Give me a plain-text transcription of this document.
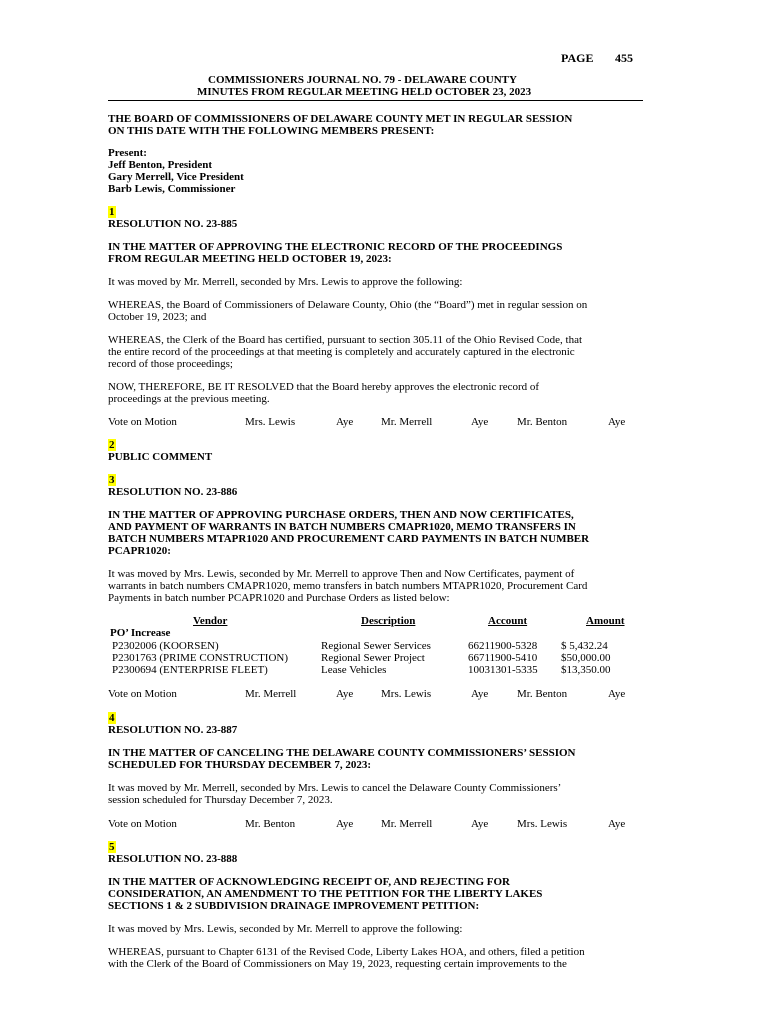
PAGE 455
COMMISSIONERS JOURNAL NO. 79 - DELAWARE COUNTY
MINUTES FROM REGULAR MEETING HELD OCTOBER 23, 2023
THE BOARD OF COMMISSIONERS OF DELAWARE COUNTY MET IN REGULAR SESSION
ON THIS DATE WITH THE FOLLOWING MEMBERS PRESENT:
Present:
Jeff Benton, President
Gary Merrell, Vice President
Barb Lewis, Commissioner
1
RESOLUTION NO. 23-885
IN THE MATTER OF APPROVING THE ELECTRONIC RECORD OF THE PROCEEDINGS
FROM REGULAR MEETING HELD OCTOBER 19, 2023:
It was moved by Mr. Merrell, seconded by Mrs. Lewis to approve the following:
WHEREAS, the Board of Commissioners of Delaware County, Ohio (the “Board”) met in regular session on
October 19, 2023; and
WHEREAS, the Clerk of the Board has certified, pursuant to section 305.11 of the Ohio Revised Code, that
the entire record of the proceedings at that meeting is completely and accurately captured in the electronic
record of those proceedings;
NOW, THEREFORE, BE IT RESOLVED that the Board hereby approves the electronic record of
proceedings at the previous meeting.
Vote on Motion	Mrs. Lewis	Aye	Mr. Merrell	Aye	Mr. Benton	Aye
2
PUBLIC COMMENT
3
RESOLUTION NO. 23-886
IN THE MATTER OF APPROVING PURCHASE ORDERS, THEN AND NOW CERTIFICATES,
AND PAYMENT OF WARRANTS IN BATCH NUMBERS CMAPR1020, MEMO TRANSFERS IN
BATCH NUMBERS MTAPR1020 AND PROCUREMENT CARD PAYMENTS IN BATCH NUMBER
PCAPR1020:
It was moved by Mrs. Lewis, seconded by Mr. Merrell to approve Then and Now Certificates, payment of
warrants in batch numbers CMAPR1020, memo transfers in batch numbers MTAPR1020, Procurement Card
Payments in batch number PCAPR1020 and Purchase Orders as listed below:
Vendor	Description	Account	Amount
PO’ Increase
P2302006 (KOORSEN)	Regional Sewer Services	66211900-5328 $ 5,432.24
P2301763 (PRIME CONSTRUCTION)	Regional Sewer Project	66711900-5410 $50,000.00
P2300694 (ENTERPRISE FLEET)	Lease Vehicles	10031301-5335 $13,350.00
Vote on Motion	Mr. Merrell	Aye	Mrs. Lewis	Aye	Mr. Benton	Aye
4
RESOLUTION NO. 23-887
IN THE MATTER OF CANCELING THE DELAWARE COUNTY COMMISSIONERS’ SESSION
SCHEDULED FOR THURSDAY DECEMBER 7, 2023:
It was moved by Mr. Merrell, seconded by Mrs. Lewis to cancel the Delaware County Commissioners’
session scheduled for Thursday December 7, 2023.
Vote on Motion	Mr. Benton	Aye	Mr. Merrell	Aye	Mrs. Lewis	Aye
5
RESOLUTION NO. 23-888
IN THE MATTER OF ACKNOWLEDGING RECEIPT OF, AND REJECTING FOR
CONSIDERATION, AN AMENDMENT TO THE PETITION FOR THE LIBERTY LAKES
SECTIONS 1 & 2 SUBDIVISION DRAINAGE IMPROVEMENT PETITION:
It was moved by Mrs. Lewis, seconded by Mr. Merrell to approve the following:
WHEREAS, pursuant to Chapter 6131 of the Revised Code, Liberty Lakes HOA, and others, filed a petition
with the Clerk of the Board of Commissioners on May 19, 2023, requesting certain improvements to the
